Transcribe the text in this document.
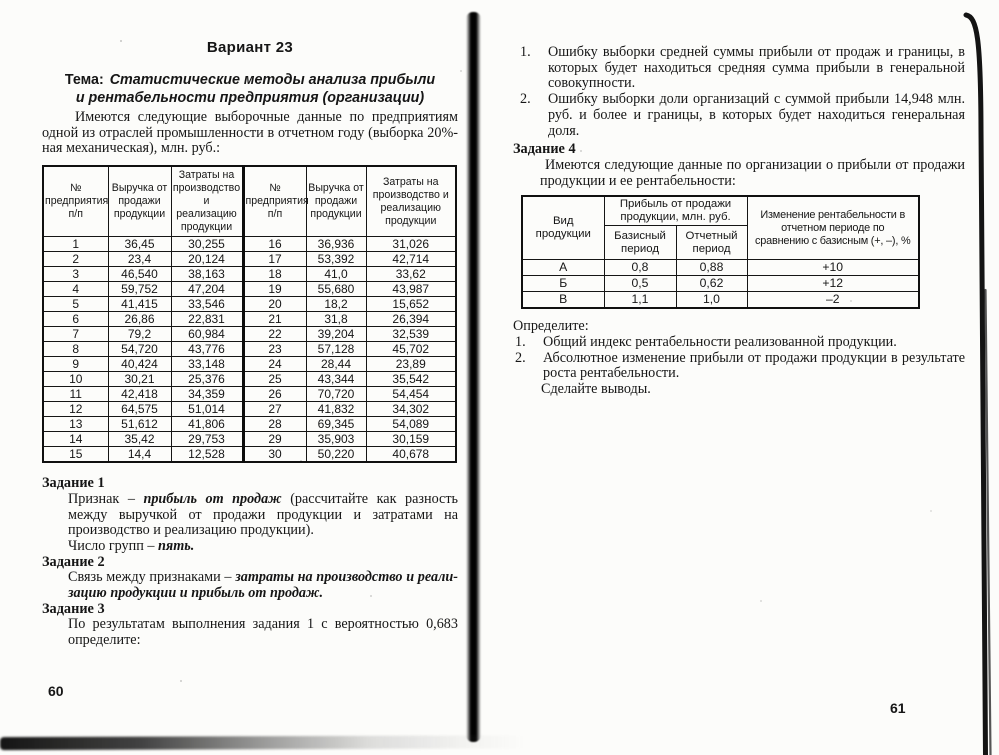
Вариант 23
Тема: Статистические методы анализа прибыли
и рентабельности предприятия (организации)

Имеются следующие выборочные данные по предприятиям одной из отраслей промышленности в отчетном году (выборка 20%-ная механическая), млн. руб.:

№ предприятия п/п	Выручка от продажи продукции	Затраты на производство и реализацию продукции	№ предприятия п/п	Выручка от продажи продукции	Затраты на производство и реализацию продукции
1	36,45	30,255	16	36,936	31,026
2	23,4	20,124	17	53,392	42,714
3	46,540	38,163	18	41,0	33,62
4	59,752	47,204	19	55,680	43,987
5	41,415	33,546	20	18,2	15,652
6	26,86	22,831	21	31,8	26,394
7	79,2	60,984	22	39,204	32,539
8	54,720	43,776	23	57,128	45,702
9	40,424	33,148	24	28,44	23,89
10	30,21	25,376	25	43,344	35,542
11	42,418	34,359	26	70,720	54,454
12	64,575	51,014	27	41,832	34,302
13	51,612	41,806	28	69,345	54,089
14	35,42	29,753	29	35,903	30,159
15	14,4	12,528	30	50,220	40,678
Задание 1

Признак – прибыль от продаж (рассчитайте как разность между выручкой от продажи продукции и затратами на производство и реализацию продукции).

Число групп – пять.

Задание 2

Связь между признаками – затраты на производство и реализацию продукции и прибыль от продаж.

Задание 3

По результатам выполнения задания 1 с вероятностью 0,683 определите:

1. Ошибку выборки средней суммы прибыли от продаж и границы, в которых будет находиться средняя сумма прибыли в генеральной совокупности.
2. Ошибку выборки доли организаций с суммой прибыли 14,948 млн. руб. и более и границы, в которых будет находиться генеральная доля.
Задание 4

Имеются следующие данные по организации о прибыли от продажи продукции и ее рентабельности:

Вид продукции	Прибыль от продажи продукции, млн. руб.		Изменение рентабельности в отчетном периоде по сравнению с базисным (+, –), %
	Базисный период	Отчетный период	
А	0,8	0,88	+10
Б	0,5	0,62	+12
В	1,1	1,0	–2

Определите:

1. Общий индекс рентабельности реализованной продукции.
2. Абсолютное изменение прибыли от продажи продукции в результате роста рентабельности.

Сделайте выводы.

60
61
